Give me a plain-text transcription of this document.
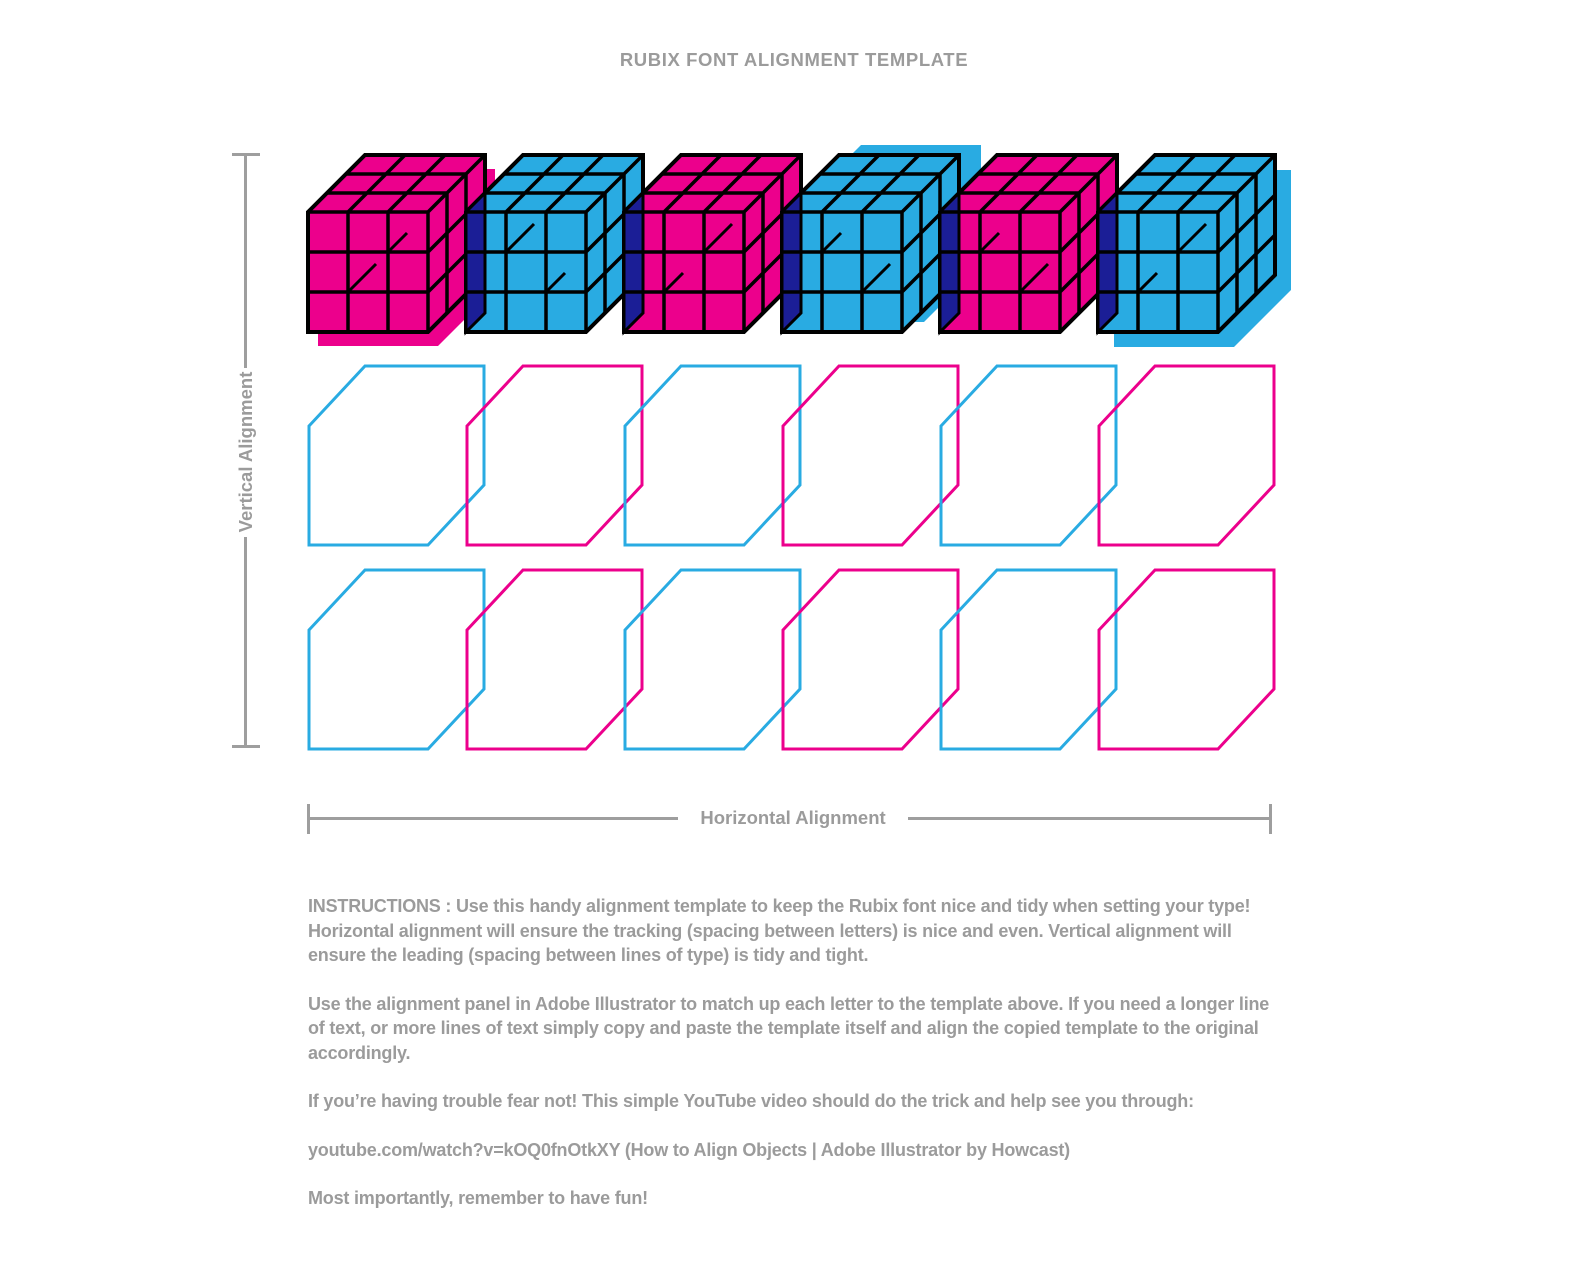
RUBIX FONT ALIGNMENT TEMPLATE
Vertical Alignment
Horizontal Alignment

INSTRUCTIONS : Use this handy alignment template to keep the Rubix font nice and tidy when setting your type! Horizontal alignment will ensure the tracking (spacing between letters) is nice and even. Vertical alignment will ensure the leading (spacing between lines of type) is tidy and tight.

Use the alignment panel in Adobe Illustrator to match up each letter to the template above. If you need a longer line of text, or more lines of text simply copy and paste the template itself and align the copied template to the original accordingly.

If you’re having trouble fear not! This simple YouTube video should do the trick and help see you through:

youtube.com/watch?v=kOQ0fnOtkXY (How to Align Objects | Adobe Illustrator by Howcast)

Most importantly, remember to have fun!
